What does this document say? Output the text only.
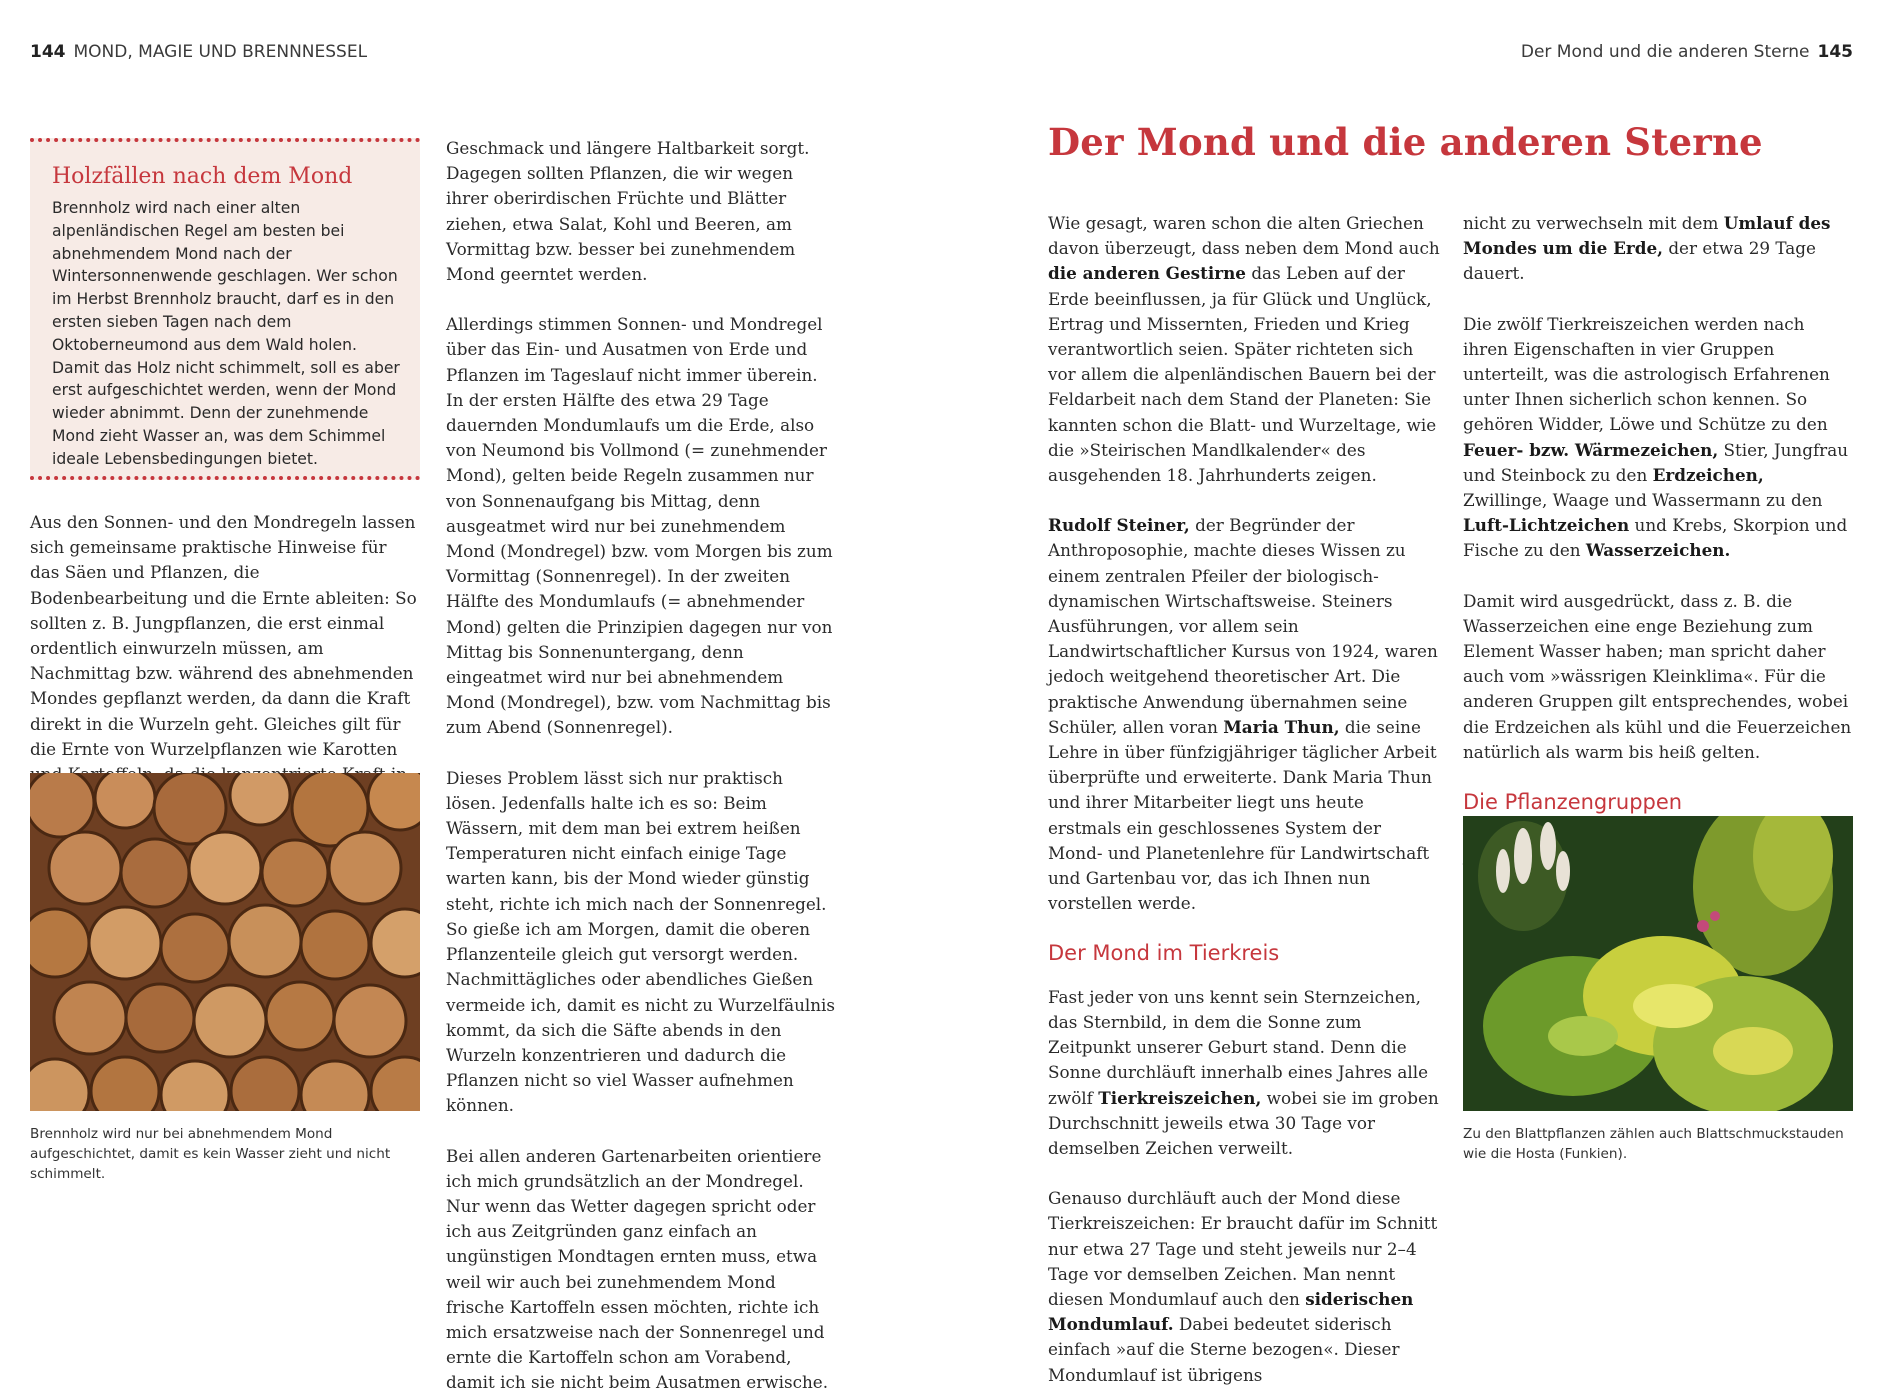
144 MOND, MAGIE UND BRENNNESSEL	Der Mond und die anderen Sterne 145
Holzfällen nach dem Mond

Brennholz wird nach einer alten alpenländischen Regel am besten bei abnehmendem Mond nach der Wintersonnenwende geschlagen. Wer schon im Herbst Brennholz braucht, darf es in den ersten sieben Tagen nach dem Oktoberneumond aus dem Wald holen. Damit das Holz nicht schimmelt, soll es aber erst aufgeschichtet werden, wenn der Mond wieder abnimmt. Denn der zunehmende Mond zieht Wasser an, was dem Schimmel ideale Lebensbedingungen bietet.

Aus den Sonnen- und den Mondregeln lassen sich gemeinsame praktische Hinweise für das Säen und Pflanzen, die Bodenbearbeitung und die Ernte ableiten: So sollten z. B. Jungpflanzen, die erst einmal ordentlich einwurzeln müssen, am Nachmittag bzw. während des abnehmenden Mondes gepflanzt werden, da dann die Kraft direkt in die Wurzeln geht. Gleiches gilt für die Ernte von Wurzelpflanzen wie Karotten

Brennholz wird nur bei abnehmendem Mond aufgeschichtet, damit es kein Wasser zieht und nicht schimmelt.

Geschmack und längere Haltbarkeit sorgt. Dagegen sollten Pflanzen, die wir wegen ihrer oberirdischen Früchte und Blätter ziehen, etwa Salat, Kohl und Beeren, am Vormittag bzw. besser bei zunehmendem Mond geerntet werden.

Allerdings stimmen Sonnen- und Mondregel über das Ein- und Ausatmen von Erde und Pflanzen im Tageslauf nicht immer überein. In der ersten Hälfte des etwa 29 Tage dauernden Mondumlaufs um die Erde, also von Neumond bis Vollmond (= zunehmender Mond), gelten beide Regeln zusammen nur von Sonnenaufgang bis Mittag, denn ausgeatmet wird nur bei zunehmendem Mond (Mondregel) bzw. vom Morgen bis zum Vormittag (Sonnenregel). In der zweiten Hälfte des Mondumlaufs (= abnehmender Mond) gelten die Prinzipien dagegen nur von Mittag bis Sonnenuntergang, denn eingeatmet wird nur bei abnehmendem Mond (Mondregel), bzw. vom Nachmittag bis zum Abend (Sonnenregel).

Dieses Problem lässt sich nur praktisch lösen. Jedenfalls halte ich es so: Beim Wässern, mit dem man bei extrem heißen Temperaturen nicht einfach einige Tage warten kann, bis der Mond wieder günstig steht, richte ich mich nach der Sonnenregel. So gieße ich am Morgen, damit die oberen Pflanzenteile gleich gut versorgt werden. Nachmittägliches oder abendliches Gießen vermeide ich, damit es nicht zu Wurzelfäulnis kommt, da sich die Säfte abends in den Wurzeln konzentrieren und dadurch die Pflanzen nicht so viel Wasser aufnehmen können.

Bei allen anderen Gartenarbeiten orientiere ich mich grundsätzlich an der Mondregel. Nur wenn das Wetter dagegen spricht oder ich aus Zeitgründen ganz einfach an ungünstigen Mondtagen ernten muss, etwa weil wir auch bei zunehmendem Mond frische Kartoffeln essen möchten, richte ich mich ersatzweise nach der Sonnenregel und ernte die Kartoffeln schon am Vorabend, damit ich sie nicht beim Ausatmen erwische.

Der Mond und die anderen Sterne

Wie gesagt, waren schon die alten Griechen davon überzeugt, dass neben dem Mond auch die anderen Gestirne das Leben auf der Erde beeinflussen, ja für Glück und Unglück, Ertrag und Missernten, Frieden und Krieg verantwortlich seien. Später richteten sich vor allem die alpenländischen Bauern bei der Feldarbeit nach dem Stand der Planeten: Sie kannten schon die Blatt- und Wurzeltage, wie die »Steirischen Mandlkalender« des ausgehenden 18. Jahrhunderts zeigen.

Rudolf Steiner, der Begründer der Anthroposophie, machte dieses Wissen zu einem zentralen Pfeiler der biologisch-dynamischen Wirtschaftsweise. Steiners Ausführungen, vor allem sein Landwirtschaftlicher Kursus von 1924, waren jedoch weitgehend theoretischer Art. Die praktische Anwendung übernahmen seine Schüler, allen voran Maria Thun, die seine Lehre in über fünfzigjähriger täglicher Arbeit überprüfte und erweiterte. Dank Maria Thun und ihrer Mitarbeiter liegt uns heute erstmals ein geschlossenes System der Mond- und Planetenlehre für Landwirtschaft und Gartenbau vor, das ich Ihnen nun vorstellen werde.

Der Mond im Tierkreis

Fast jeder von uns kennt sein Sternzeichen, das Sternbild, in dem die Sonne zum Zeitpunkt unserer Geburt stand. Denn die Sonne durchläuft innerhalb eines Jahres alle zwölf Tierkreiszeichen, wobei sie im groben Durchschnitt jeweils etwa 30 Tage vor demselben Zeichen verweilt.

Genauso durchläuft auch der Mond diese Tierkreiszeichen: Er braucht dafür im Schnitt nur etwa 27 Tage und steht jeweils nur 2–4 Tage vor demselben Zeichen. Man nennt diesen Mondumlauf auch den siderischen Mondumlauf. Dabei bedeutet siderisch einfach »auf die Sterne bezogen«. Dieser Mondumlauf ist übrigens

nicht zu verwechseln mit dem Umlauf des Mondes um die Erde, der etwa 29 Tage dauert.

Die zwölf Tierkreiszeichen werden nach ihren Eigenschaften in vier Gruppen unterteilt, was die astrologisch Erfahrenen unter Ihnen sicherlich schon kennen. So gehören Widder, Löwe und Schütze zu den Feuer- bzw. Wärmezeichen, Stier, Jungfrau und Steinbock zu den Erdzeichen, Zwillinge, Waage und Wassermann zu den Luft-Lichtzeichen und Krebs, Skorpion und Fische zu den Wasserzeichen.

Damit wird ausgedrückt, dass z. B. die Wasserzeichen eine enge Beziehung zum Element Wasser haben; man spricht daher auch vom »wässrigen Kleinklima«. Für die anderen Gruppen gilt entsprechendes, wobei die Erdzeichen als kühl und die Feuerzeichen natürlich als warm bis heiß gelten.

Die Pflanzengruppen

Zu den Blattpflanzen zählen auch Blattschmuckstauden wie die Hosta (Funkien).
